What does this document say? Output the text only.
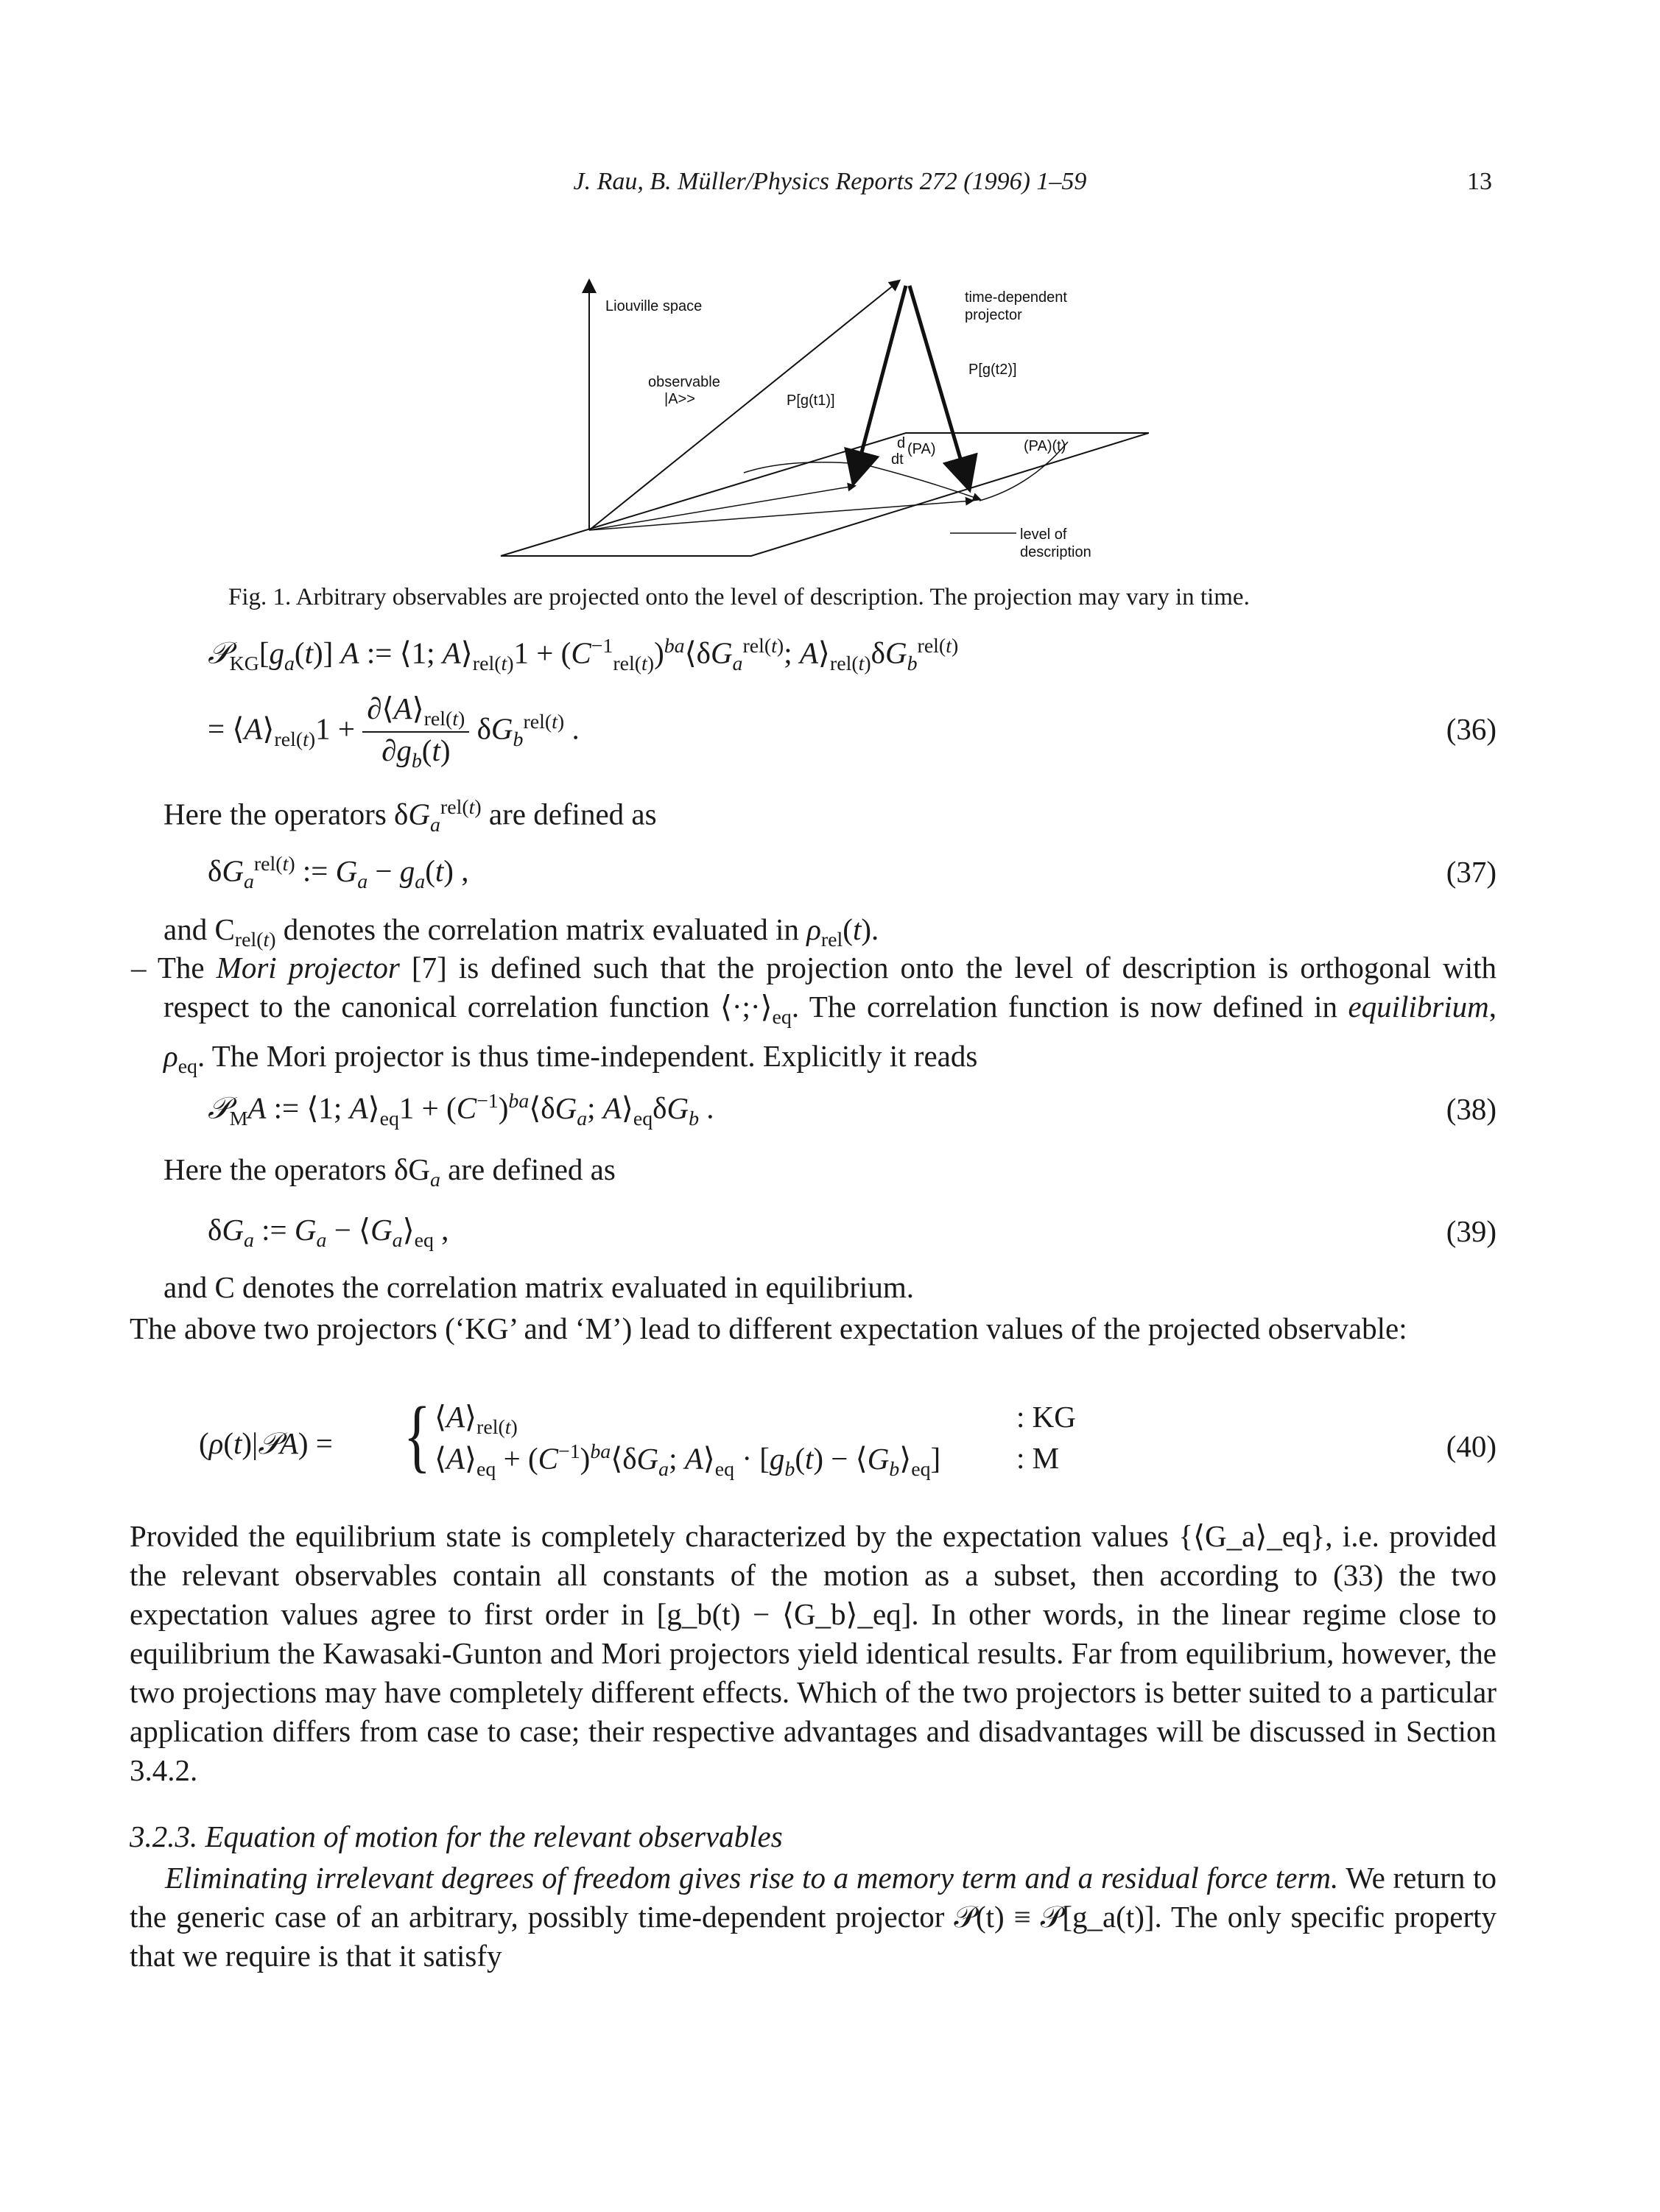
J. Rau, B. Müller/Physics Reports 272 (1996) 1–59	13
Liouville space
observable
|A>>
time-dependent
projector
P[g(t1)]
P[g(t2)]
d
dt
(PA)	(PA)(t)
level of
description
Fig. 1. Arbitrary observables are projected onto the level of description. The projection may vary in time.
$𝒫_{KG}[g_a(t)]$ A := ⟨1; $A⟩_{rel(t)}1$ + $(C^{-1}_{rel(t)})^{ba}⟨\delta G_a^{rel(t)}$; $A⟩_{rel(t)}\delta G_b^{rel(t)}$
= $⟨A⟩_{rel(t)}1 + \frac{\partial⟨A⟩_{rel(t)}}{\partial g_b(t)} \delta G_b^{rel(t)}$ .	(36)
Here the operators $\delta G_a^{rel(t)}$ are defined as
$\delta G_a^{rel(t)}$ := $G_a - g_a(t)$ ,	(37)
and $C_{rel(t)}$ denotes the correlation matrix evaluated in $\rho_{rel}(t)$.
– The Mori projector [7] is defined such that the projection onto the level of description is orthogonal with respect to the canonical correlation function $⟨\cdot;\cdot⟩_{eq}$. The correlation function is now defined in equilibrium, $\rho_{eq}$. The Mori projector is thus time-independent. Explicitly it reads
𝒫$_M$A := ⟨1; $A⟩_{eq}1$ + $(C^{-1})^{ba}⟨\delta G_a$; $A⟩_{eq}\delta G_b$ .	(38)
Here the operators $\delta G_a$ are defined as
$\delta G_a$ := $G_a$ − $⟨G_a⟩_{eq}$ ,	(39)
and C denotes the correlation matrix evaluated in equilibrium.
The above two projectors (‘KG’ and ‘M’) lead to different expectation values of the projected observable:
(ρ(t)|𝒫A) = { $⟨A⟩_{rel(t)}$
$⟨A⟩_{eq}$ + $(C^{-1})^{ba}⟨\delta G_a$; $A⟩_{eq} \cdot [g_b(t)$ − $⟨G_b⟩_{eq}$]
: KG
: M	(40)
Provided the equilibrium state is completely characterized by the expectation values {⟨G_a⟩_eq}, i.e. provided the relevant observables contain all constants of the motion as a subset, then according to (33) the two expectation values agree to first order in [g_b(t) − ⟨G_b⟩_eq]. In other words, in the linear regime close to equilibrium the Kawasaki-Gunton and Mori projectors yield identical results. Far from equilibrium, however, the two projections may have completely different effects. Which of the two projectors is better suited to a particular application differs from case to case; their respective advantages and disadvantages will be discussed in Section 3.4.2.
3.2.3. Equation of motion for the relevant observables
Eliminating irrelevant degrees of freedom gives rise to a memory term and a residual force term. We return to the generic case of an arbitrary, possibly time-dependent projector 𝒫(t) ≡ 𝒫[g_a(t)]. The only specific property that we require is that it satisfy
